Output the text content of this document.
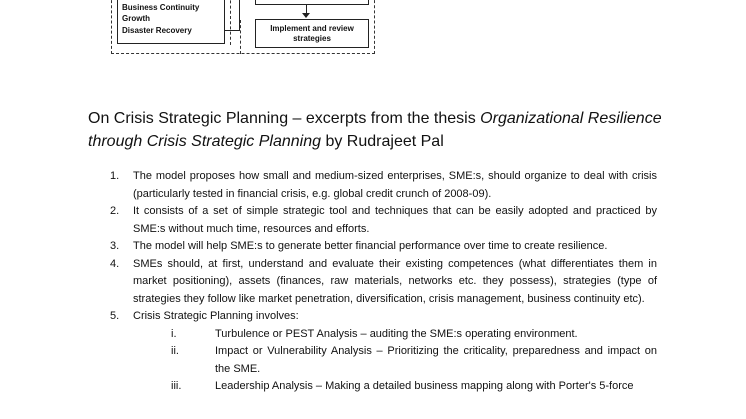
Business Continuity
Growth
Disaster Recovery	Implement and review strategies
On Crisis Strategic Planning – excerpts from the thesis Organizational Resilience through Crisis Strategic Planning by Rudrajeet Pal
1. The model proposes how small and medium-sized enterprises, SME:s, should organize to deal with crisis (particularly tested in financial crisis, e.g. global credit crunch of 2008-09).
2. It consists of a set of simple strategic tool and techniques that can be easily adopted and practiced by SME:s without much time, resources and efforts.
3. The model will help SME:s to generate better financial performance over time to create resilience.
4. SMEs should, at first, understand and evaluate their existing competences (what differentiates them in market positioning), assets (finances, raw materials, networks etc. they possess), strategies (type of strategies they follow like market penetration, diversification, crisis management, business continuity etc).
5. Crisis Strategic Planning involves:
i.	Turbulence or PEST Analysis – auditing the SME:s operating environment.
ii.	Impact or Vulnerability Analysis – Prioritizing the criticality, preparedness and impact on the SME.
iii.	Leadership Analysis – Making a detailed business mapping along with Porter's 5-force
